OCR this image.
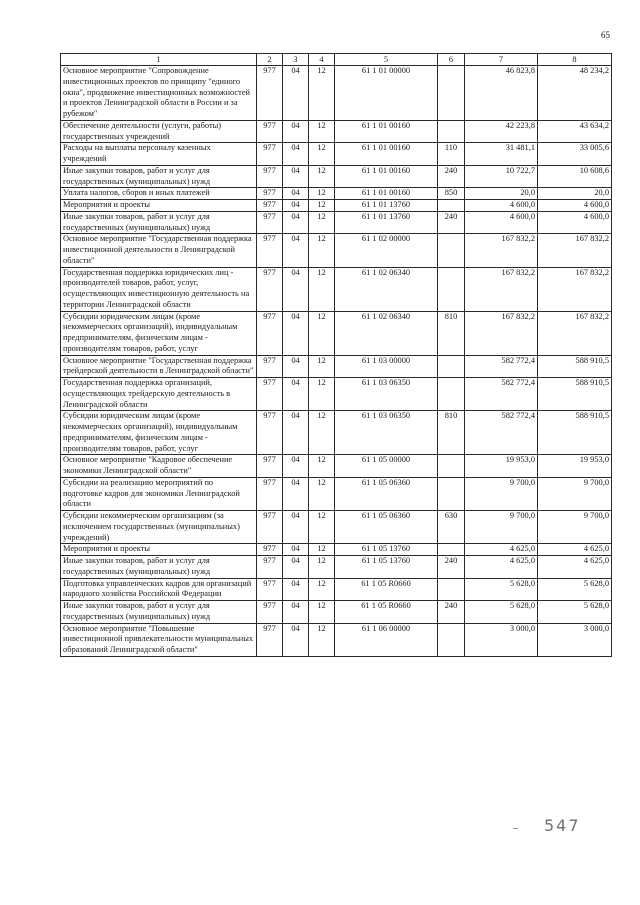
65
1	2	3	4	5	6	7	8
Основное мероприятие "Сопровождение инвестиционных проектов по принципу "единого окна", продвижение инвестиционных возможностей и проектов Ленинградской области в России и за рубежом"	977	04	12	61 1 01 00000		46 823,8	48 234,2
Обеспечение деятельности (услуги, работы) государственных учреждений	977	04	12	61 1 01 00160		42 223,8	43 634,2
Расходы на выплаты персоналу казенных учреждений	977	04	12	61 1 01 00160	110	31 481,1	33 005,6
Иные закупки товаров, работ и услуг для государственных (муниципальных) нужд	977	04	12	61 1 01 00160	240	10 722,7	10 608,6
Уплата налогов, сборов и иных платежей	977	04	12	61 1 01 00160	850	20,0	20,0
Мероприятия и проекты	977	04	12	61 1 01 13760		4 600,0	4 600,0
Иные закупки товаров, работ и услуг для государственных (муниципальных) нужд	977	04	12	61 1 01 13760	240	4 600,0	4 600,0
Основное мероприятие "Государственная поддержка инвестиционной деятельности в Ленинградской области"	977	04	12	61 1 02 00000		167 832,2	167 832,2
Государственная поддержка юридических лиц - производителей товаров, работ, услуг, осуществляющих инвестиционную деятельность на территории Ленинградской области	977	04	12	61 1 02 06340		167 832,2	167 832,2
Субсидии юридическим лицам (кроме некоммерческих организаций), индивидуальным предпринимателям, физическим лицам - производителям товаров, работ, услуг	977	04	12	61 1 02 06340	810	167 832,2	167 832,2
Основное мероприятие "Государственная поддержка трейдерской деятельности в Ленинградской области"	977	04	12	61 1 03 00000		582 772,4	588 910,5
Государственная поддержка организаций, осуществляющих трейдерскую деятельность в Ленинградской области	977	04	12	61 1 03 06350		582 772,4	588 910,5
Субсидии юридическим лицам (кроме некоммерческих организаций), индивидуальным предпринимателям, физическим лицам - производителям товаров, работ, услуг	977	04	12	61 1 03 06350	810	582 772,4	588 910,5
Основное мероприятие "Кадровое обеспечение экономики Ленинградской области"	977	04	12	61 1 05 00000		19 953,0	19 953,0
Субсидии на реализацию мероприятий по подготовке кадров для экономики Ленинградской области	977	04	12	61 1 05 06360		9 700,0	9 700,0
Субсидии некоммерческим организациям (за исключением государственных (муниципальных) учреждений)	977	04	12	61 1 05 06360	630	9 700,0	9 700,0
Мероприятия и проекты	977	04	12	61 1 05 13760		4 625,0	4 625,0
Иные закупки товаров, работ и услуг для государственных (муниципальных) нужд	977	04	12	61 1 05 13760	240	4 625,0	4 625,0
Подготовка управленческих кадров для организаций народного хозяйства Российской Федерации	977	04	12	61 1 05 R0660		5 628,0	5 628,0
Иные закупки товаров, работ и услуг для государственных (муниципальных) нужд	977	04	12	61 1 05 R0660	240	5 628,0	5 628,0
Основное мероприятие "Повышение инвестиционной привлекательности муниципальных образований Ленинградской области"	977	04	12	61 1 06 00000		3 000,0	3 000,0
547
